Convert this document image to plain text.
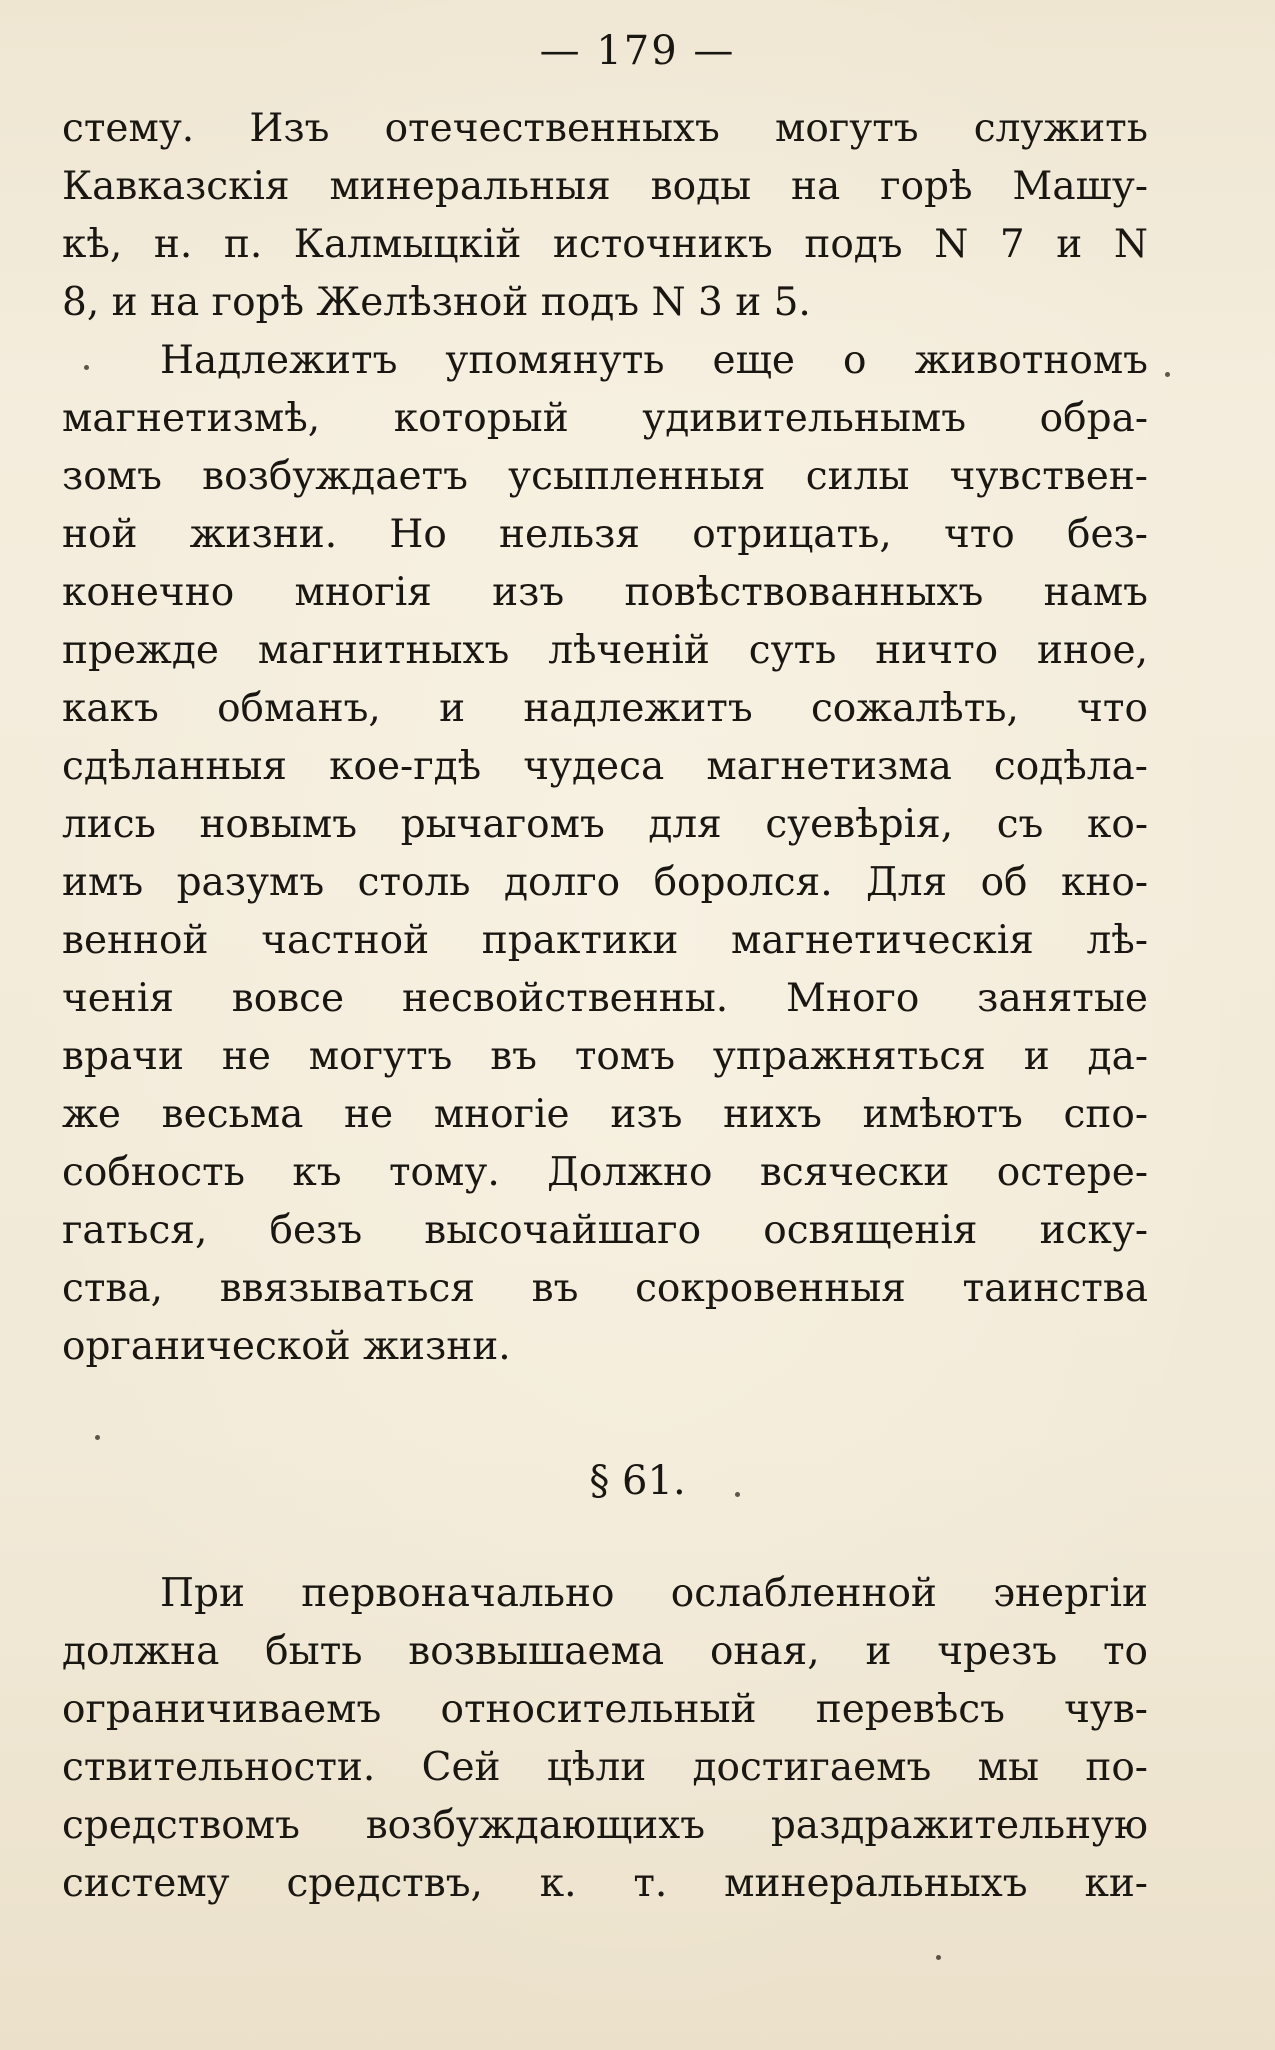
— 179 —
стему. Изъ отечественныхъ могутъ служить
Кавказскія минеральныя воды на горѣ Машу-
кѣ, н. п. Калмыцкій источникъ подъ N 7 и N
8, и на горѣ Желѣзной подъ N 3 и 5.
Надлежитъ упомянуть еще о животномъ
магнетизмѣ, который удивительнымъ обра-
зомъ возбуждаетъ усыпленныя силы чувствен-
ной жизни. Но нельзя отрицать, что без-
конечно многія изъ повѣствованныхъ намъ
прежде магнитныхъ лѣченій суть ничто иное,
какъ обманъ, и надлежитъ сожалѣть, что
сдѣланныя кое-гдѣ чудеса магнетизма содѣла-
лись новымъ рычагомъ для суевѣрія, съ ко-
имъ разумъ столь долго боролся. Для об кно-
венной частной практики магнетическія лѣ-
ченія вовсе несвойственны. Много занятые
врачи не могутъ въ томъ упражняться и да-
же весьма не многіе изъ нихъ имѣютъ спо-
собность къ тому. Должно всячески остере-
гаться, безъ высочайшаго освященія иску-
ства, ввязываться въ сокровенныя таинства
органической жизни.
§ 61.
При первоначально ослабленной энергіи
должна быть возвышаема оная, и чрезъ то
ограничиваемъ относительный перевѣсъ чув-
ствительности. Сей цѣли достигаемъ мы по-
средствомъ возбуждающихъ раздражительную
систему средствъ, к. т. минеральныхъ ки-
